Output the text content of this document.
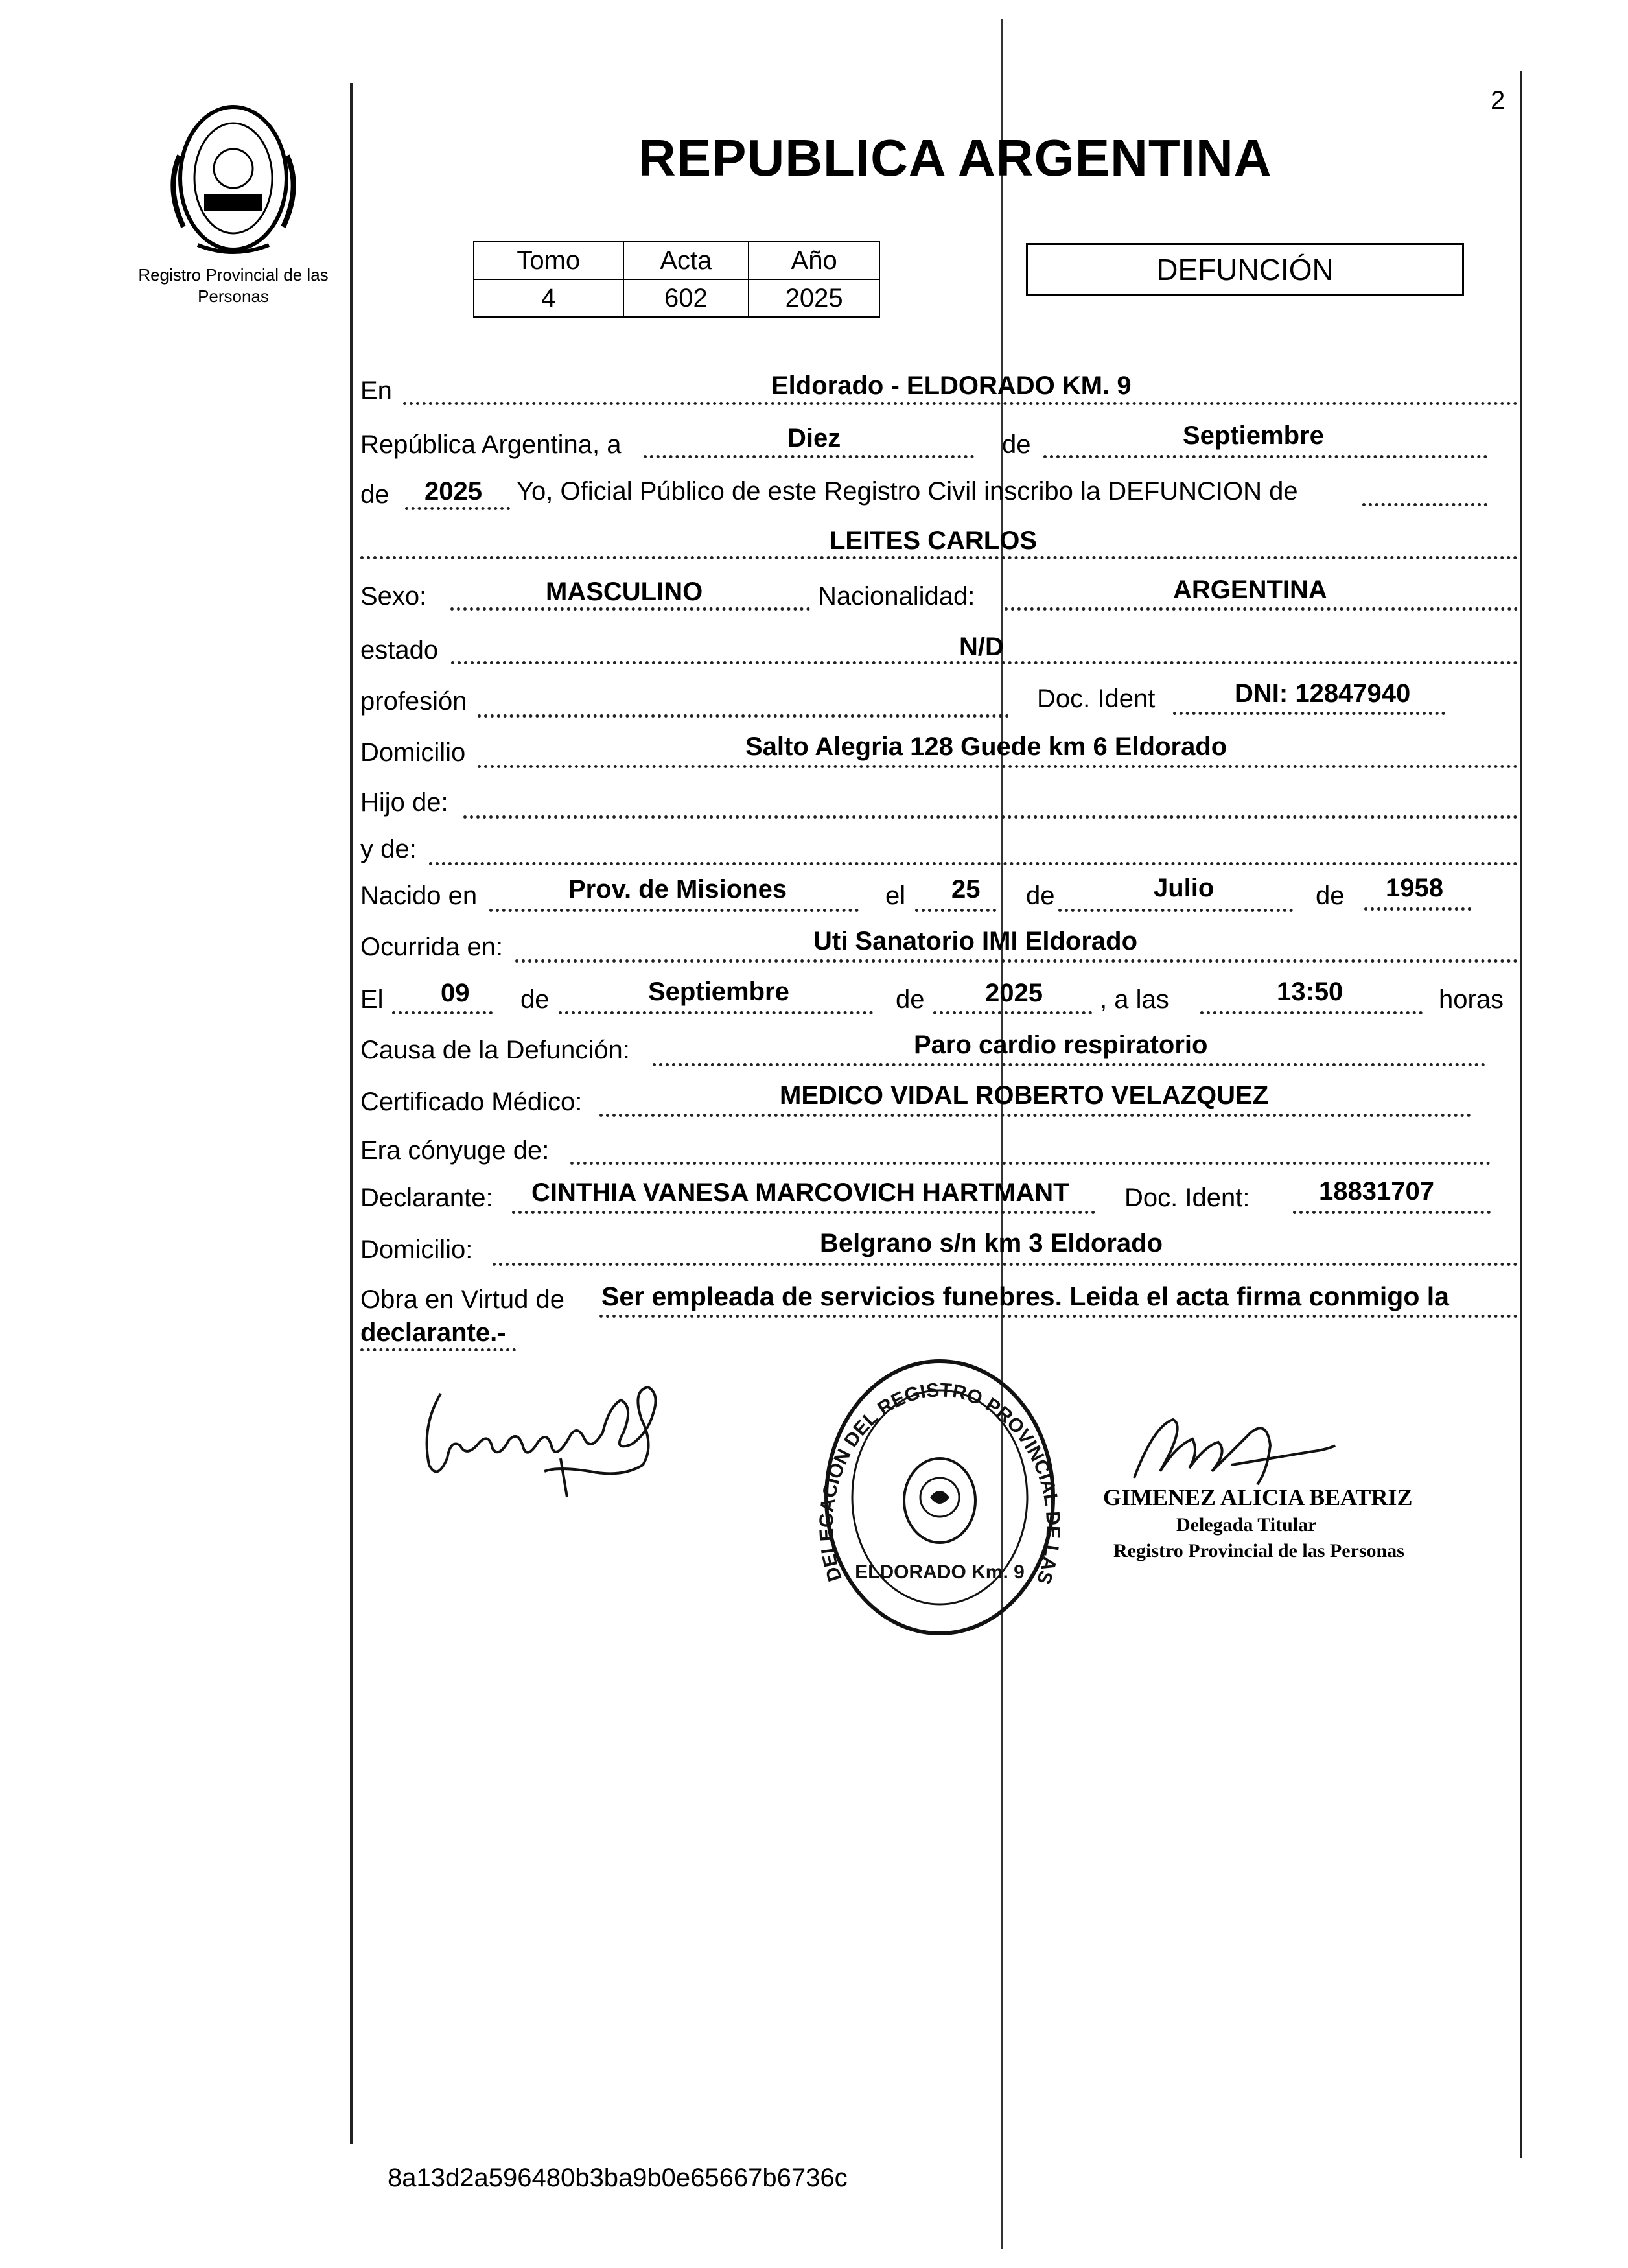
2
Registro Provincial de las Personas
REPUBLICA ARGENTINA
Tomo	Acta	Año
4	602	2025
DEFUNCIÓN
En	Eldorado - ELDORADO KM. 9
República Argentina, a	Diez	de	Septiembre
de 2025 Yo, Oficial Público de este Registro Civil inscribo la DEFUNCION de
LEITES CARLOS
Sexo:	MASCULINO	Nacionalidad:	ARGENTINA
estado	N/D
profesión	Doc. Ident	DNI: 12847940
Domicilio	Salto Alegria 128 Guede km 6 Eldorado
Hijo de:
y de:
Nacido en	Prov. de Misiones	el 25 de	Julio	de 1958
Ocurrida en:	Uti Sanatorio IMI Eldorado
El 09 de	Septiembre	de 2025 , a las	13:50	horas
Causa de la Defunción:	Paro cardio respiratorio
Certificado Médico:	MEDICO VIDAL ROBERTO VELAZQUEZ
Era cónyuge de:
Declarante: CINTHIA VANESA MARCOVICH HARTMANT Doc. Ident:	18831707
Domicilio:	Belgrano s/n km 3 Eldorado
Obra en Virtud de Ser empleada de servicios funebres. Leida el acta firma conmigo la
declarante.-
DELEGACION DEL REGISTRO PROVINCIAL DE LAS
ELDORADO Km. 9
GIMENEZ ALICIA BEATRIZ
Delegada Titular
Registro Provincial de las Personas
8a13d2a596480b3ba9b0e65667b6736c
